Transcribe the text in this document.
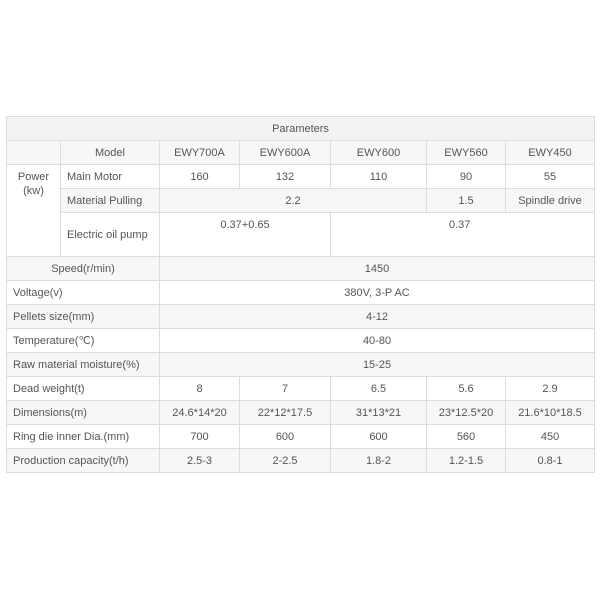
Parameters						
	Model	EWY700A	EWY600A	EWY600	EWY560	EWY450
Power (kw)	Main Motor	160	132	110	90	55
	Material Pulling	2.2			1.5	Spindle drive
	Electric oil pump	0.37+0.65		0.37		
Speed(r/min)		1450				
Voltage(v)		380V, 3-P AC				
Pellets size(mm)		4-12				
Temperature(℃)		40-80				
Raw material moisture(%)		15-25				
Dead weight(t)		8	7	6.5	5.6	2.9
Dimensions(m)		24.6*14*20	22*12*17.5	31*13*21	23*12.5*20	21.6*10*18.5
Ring die inner Dia.(mm)		700	600	600	560	450
Production capacity(t/h)		2.5-3	2-2.5	1.8-2	1.2-1.5	0.8-1
